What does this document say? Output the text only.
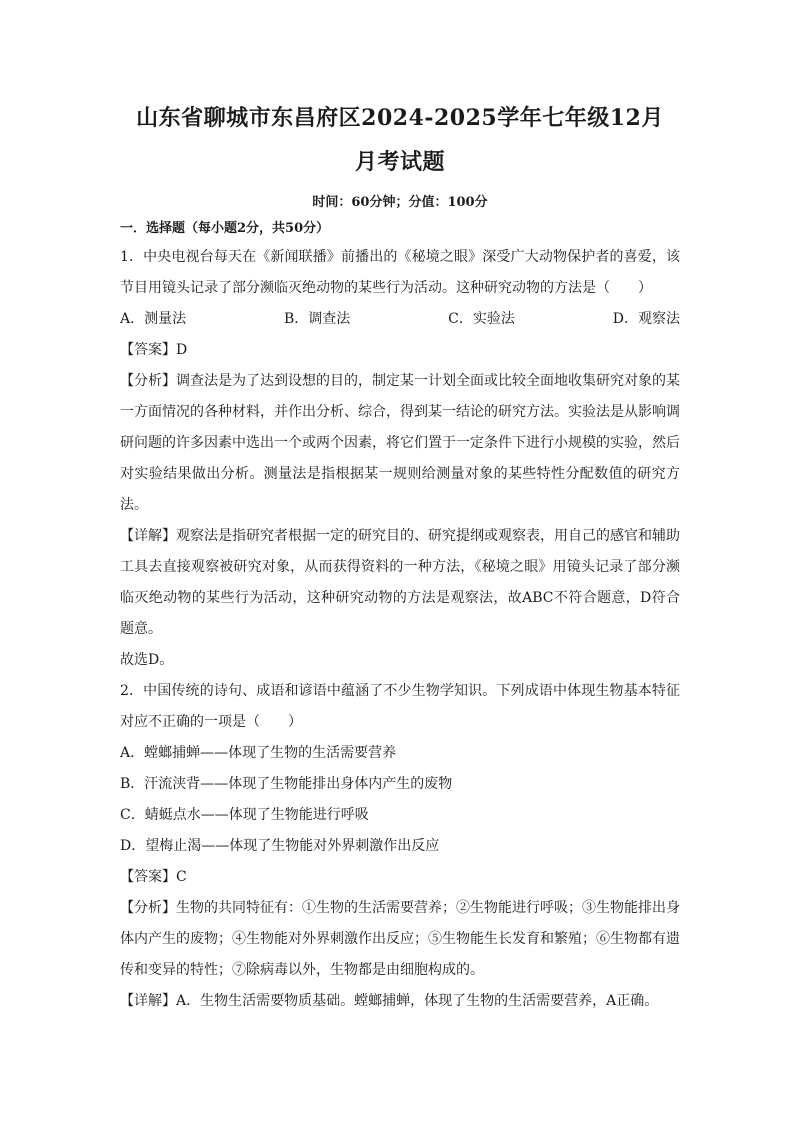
山东省聊城市东昌府区2024-2025学年七年级12月
月考试题
时间：60分钟；分值：100分
一．选择题（每小题2分，共50分）

1．中央电视台每天在《新闻联播》前播出的《秘境之眼》深受广大动物保护者的喜爱，该节目用镜头记录了部分濒临灭绝动物的某些行为活动。这种研究动物的方法是（　　）

A．测量法	B．调查法	C．实验法	D．观察法

【答案】D

【分析】调查法是为了达到设想的目的，制定某一计划全面或比较全面地收集研究对象的某一方面情况的各种材料，并作出分析、综合，得到某一结论的研究方法。实验法是从影响调研问题的许多因素中选出一个或两个因素，将它们置于一定条件下进行小规模的实验，然后对实验结果做出分析。测量法是指根据某一规则给测量对象的某些特性分配数值的研究方法。

【详解】观察法是指研究者根据一定的研究目的、研究提纲或观察表，用自己的感官和辅助工具去直接观察被研究对象，从而获得资料的一种方法，《秘境之眼》用镜头记录了部分濒临灭绝动物的某些行为活动，这种研究动物的方法是观察法，故ABC不符合题意，D符合题意。

故选D。

2．中国传统的诗句、成语和谚语中蕴涵了不少生物学知识。下列成语中体现生物基本特征对应不正确的一项是（　　）

A．螳螂捕蝉——体现了生物的生活需要营养
B．汗流浃背——体现了生物能排出身体内产生的废物
C．蜻蜓点水——体现了生物能进行呼吸
D．望梅止渴——体现了生物能对外界刺激作出反应

【答案】C

【分析】生物的共同特征有：①生物的生活需要营养；②生物能进行呼吸；③生物能排出身体内产生的废物；④生物能对外界刺激作出反应；⑤生物能生长发育和繁殖；⑥生物都有遗传和变异的特性；⑦除病毒以外，生物都是由细胞构成的。

【详解】A．生物生活需要物质基础。螳螂捕蝉，体现了生物的生活需要营养，A正确。
